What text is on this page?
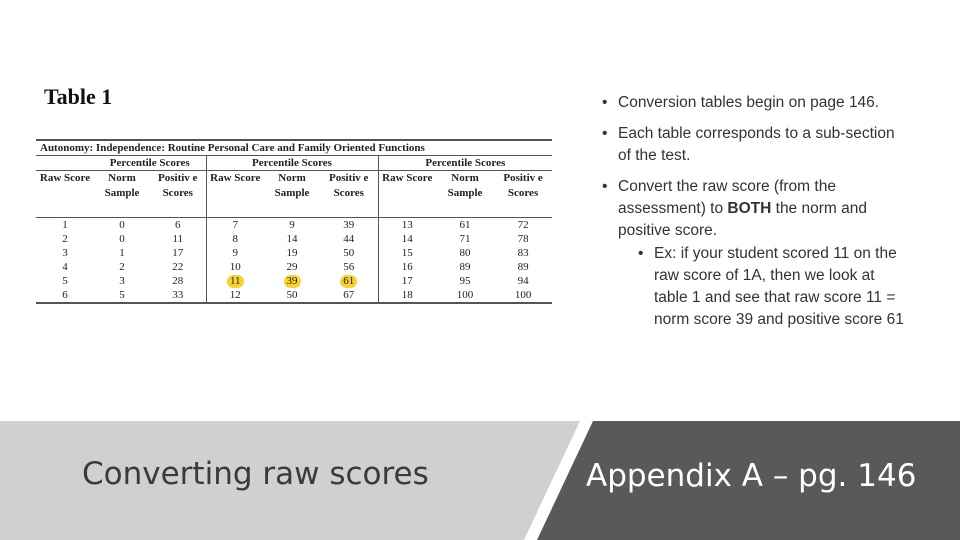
Table 1
Autonomy: Independence: Routine Personal Care and Family Oriented Functions								
	Percentile Scores		Percentile Scores			Percentile Scores		
Raw Score	Norm Sample	Positiv e Scores	Raw Score	Norm Sample	Positiv e Scores	Raw Score	Norm Sample	Positiv e Scores
1	0	6	7	9	39	13	61	72
2	0	11	8	14	44	14	71	78
3	1	17	9	19	50	15	80	83
4	2	22	10	29	56	16	89	89
5	3	28	11	39	61	17	95	94
6	5	33	12	50	67	18	100	100
• Conversion tables begin on page 146.
• Each table corresponds to a sub-section of the test.
• Convert the raw score (from the assessment) to BOTH the norm and positive score.
• Ex: if your student scored 11 on the raw score of 1A, then we look at table 1 and see that raw score 11 = norm score 39 and positive score 61
Converting raw scores	Appendix A – pg. 146
